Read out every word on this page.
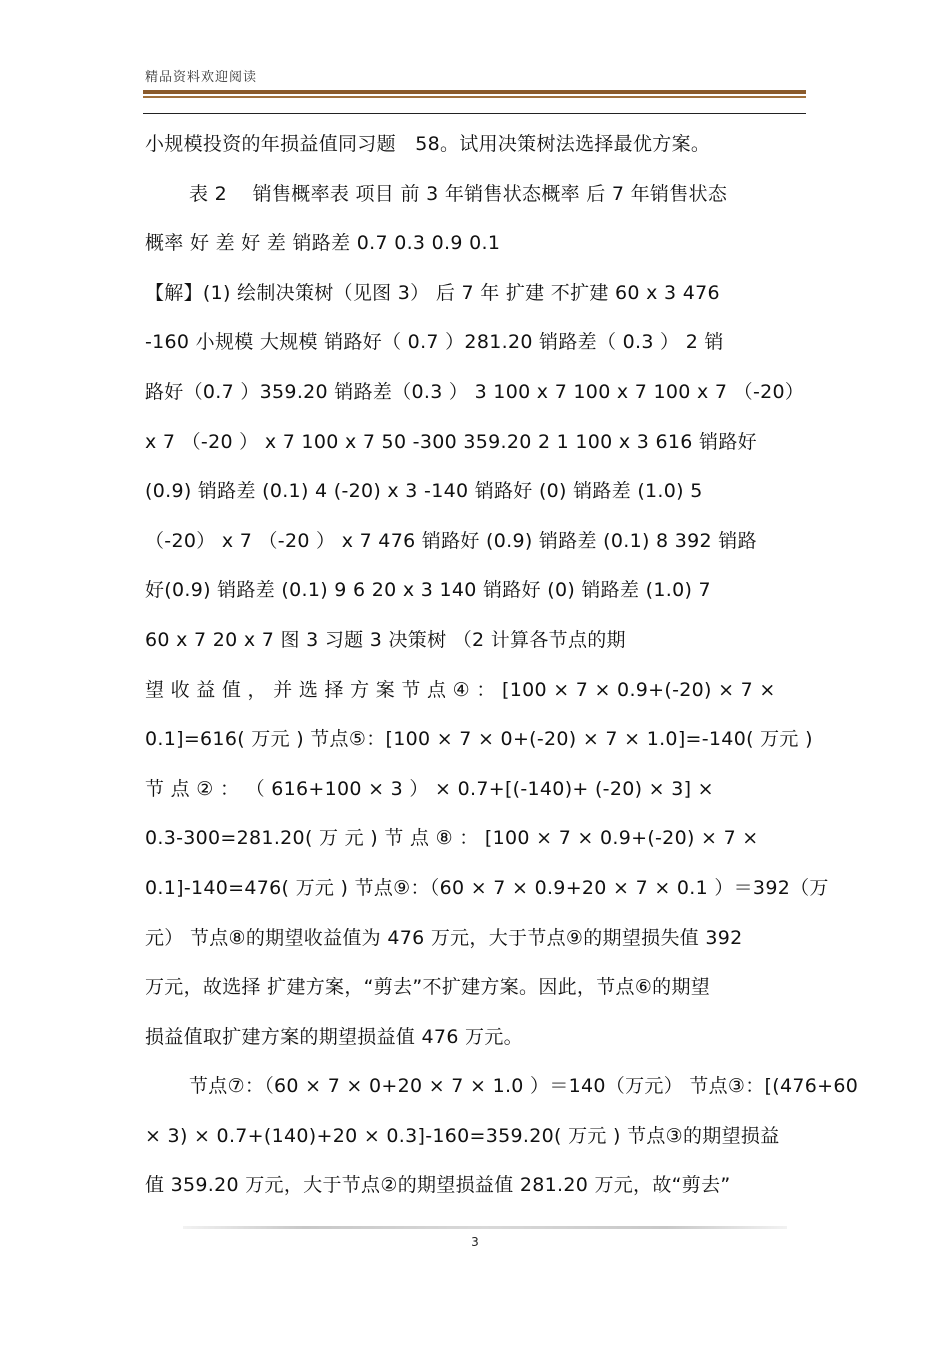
精品资料欢迎阅读
小规模投资的年损益值同习题　58。试用决策树法选择最优方案。
表 2　 销售概率表 项目 前 3 年销售状态概率 后 7 年销售状态
概率 好 差 好 差 销路差 0.7 0.3 0.9 0.1
【解】(1) 绘制决策树（见图 3） 后 7 年 扩建 不扩建 60 x 3 476
-160 小规模 大规模 销路好（ 0.7 ）281.20 销路差（ 0.3 ） 2 销
路好（0.7 ）359.20 销路差（0.3 ） 3 100 x 7 100 x 7 100 x 7 （-20）
x 7 （-20 ） x 7 100 x 7 50 -300 359.20 2 1 100 x 3 616 销路好
(0.9) 销路差 (0.1) 4 (-20) x 3 -140 销路好 (0) 销路差 (1.0) 5
（-20） x 7 （-20 ） x 7 476 销路好 (0.9) 销路差 (0.1) 8 392 销路
好(0.9) 销路差 (0.1) 9 6 20 x 3 140 销路好 (0) 销路差 (1.0) 7
60 x 7 20 x 7 图 3 习题 3 决策树 （2 计算各节点的期
望 收 益 值 ， 并 选 择 方 案 节 点 ④ ： [100 × 7 × 0.9+(-20) × 7 ×
0.1]=616( 万元 ) 节点⑤：[100 × 7 × 0+(-20) × 7 × 1.0]=-140( 万元 )
节 点 ② ： （ 616+100 × 3 ） × 0.7+[(-140)+ (-20) × 3] ×
0.3-300=281.20( 万 元 ) 节 点 ⑧ ： [100 × 7 × 0.9+(-20) × 7 ×
0.1]-140=476( 万元 ) 节点⑨：（60 × 7 × 0.9+20 × 7 × 0.1 ）＝392（万
元） 节点⑧的期望收益值为 476 万元，大于节点⑨的期望损失值 392
万元，故选择 扩建方案，“剪去”不扩建方案。因此，节点⑥的期望
损益值取扩建方案的期望损益值 476 万元。
节点⑦：（60 × 7 × 0+20 × 7 × 1.0 ）＝140（万元） 节点③：[(476+60
× 3) × 0.7+(140)+20 × 0.3]-160=359.20( 万元 ) 节点③的期望损益
值 359.20 万元，大于节点②的期望损益值 281.20 万元，故“剪去”
3
